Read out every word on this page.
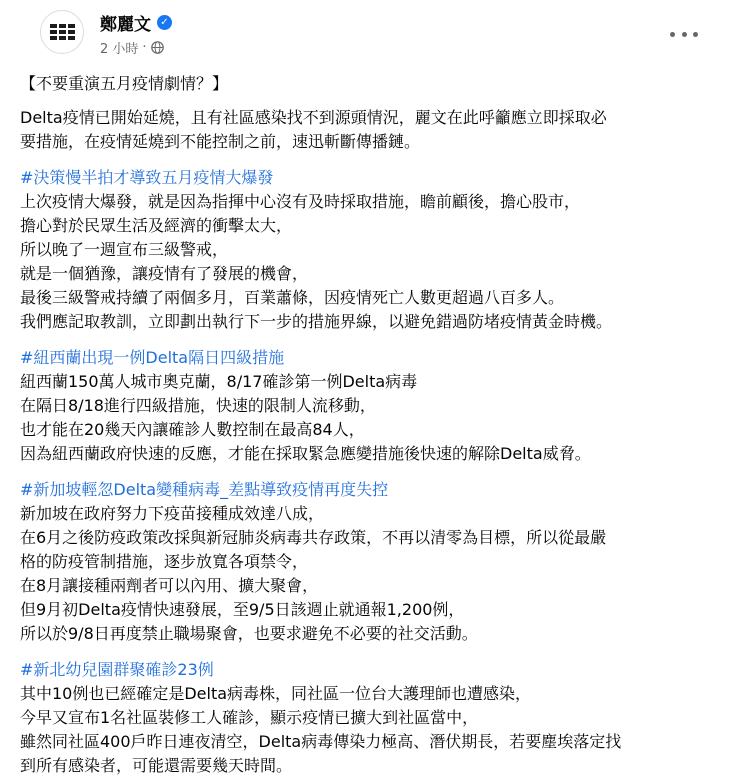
鄭麗文 ✓
2 小時 ·
【不要重演五月疫情劇情？】
Delta疫情已開始延燒，且有社區感染找不到源頭情況，麗文在此呼籲應立即採取必
要措施，在疫情延燒到不能控制之前，速迅斬斷傳播鏈。
#決策慢半拍才導致五月疫情大爆發
上次疫情大爆發，就是因為指揮中心沒有及時採取措施，瞻前顧後，擔心股市，
擔心對於民眾生活及經濟的衝擊太大，
所以晚了一週宣布三級警戒，
就是一個猶豫，讓疫情有了發展的機會，
最後三級警戒持續了兩個多月，百業蕭條，因疫情死亡人數更超過八百多人。
我們應記取教訓，立即劃出執行下一步的措施界線，以避免錯過防堵疫情黃金時機。
#紐西蘭出現一例Delta隔日四級措施
紐西蘭150萬人城市奧克蘭，8/17確診第一例Delta病毒
在隔日8/18進行四級措施，快速的限制人流移動，
也才能在20幾天內讓確診人數控制在最高84人，
因為紐西蘭政府快速的反應，才能在採取緊急應變措施後快速的解除Delta威脅。
#新加坡輕忽Delta變種病毒_差點導致疫情再度失控
新加坡在政府努力下疫苗接種成效達八成，
在6月之後防疫政策改採與新冠肺炎病毒共存政策，不再以清零為目標，所以從最嚴
格的防疫管制措施，逐步放寬各項禁令，
在8月讓接種兩劑者可以內用、擴大聚會，
但9月初Delta疫情快速發展，至9/5日該週止就通報1,200例，
所以於9/8日再度禁止職場聚會，也要求避免不必要的社交活動。
#新北幼兒園群聚確診23例
其中10例也已經確定是Delta病毒株，同社區一位台大護理師也遭感染，
今早又宣布1名社區裝修工人確診，顯示疫情已擴大到社區當中，
雖然同社區400戶昨日連夜清空，Delta病毒傳染力極高、潛伏期長，若要塵埃落定找
到所有感染者，可能還需要幾天時間。
